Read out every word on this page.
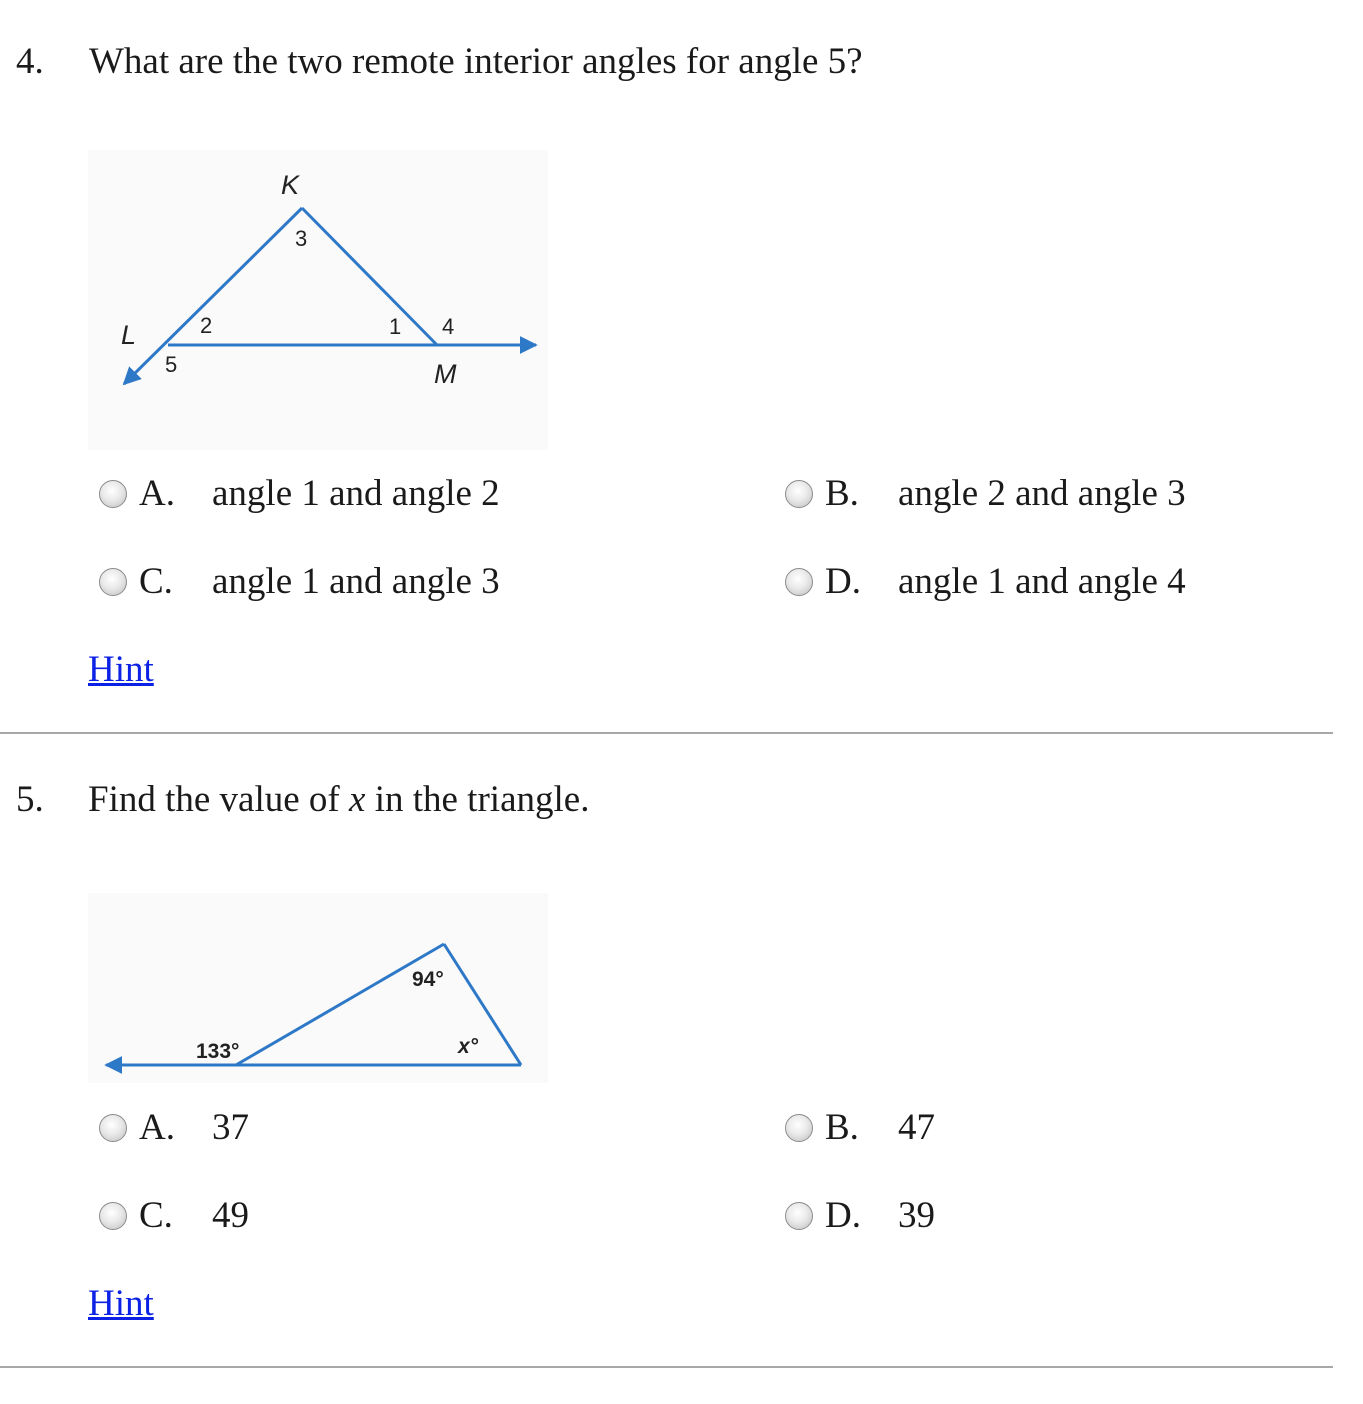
4. What are the two remote interior angles for angle 5?
K
L
M
1
2
3
4
5
A. angle 1 and angle 2	B. angle 2 and angle 3
C. angle 1 and angle 3	D. angle 1 and angle 4
Hint
5. Find the value of x in the triangle.
94°
133°	x°
A. 37	B. 47
C. 49	D. 39
Hint
